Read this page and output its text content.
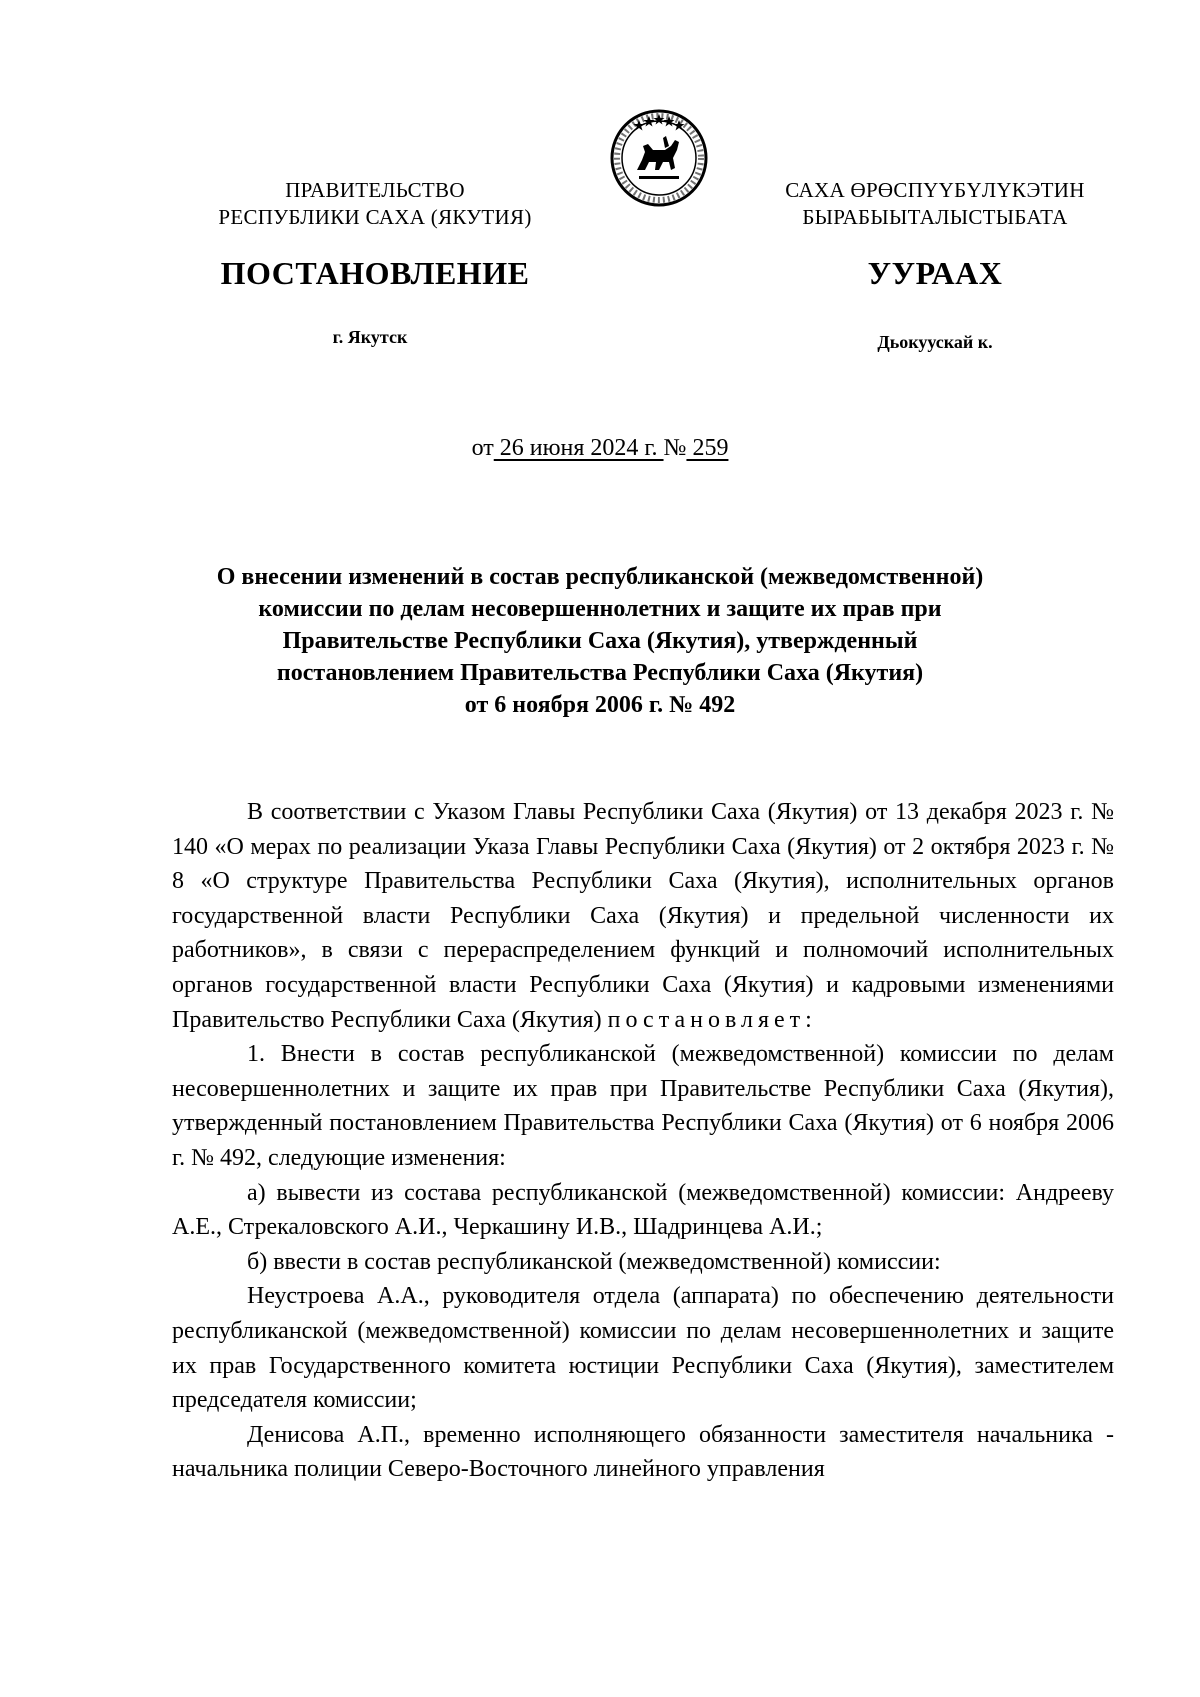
ПРАВИТЕЛЬСТВО
РЕСПУБЛИКИ САХА (ЯКУТИЯ)
САХА ӨРӨСПҮҮБҮЛҮКЭТИН
БЫРАБЫЫТАЛЫСТЫБАТА
ПОСТАНОВЛЕНИЕ	УУРААХ
г. Якутск	Дьокуускай к.
от 26 июня 2024 г. № 259
О внесении изменений в состав республиканской (межведомственной)
комиссии по делам несовершеннолетних и защите их прав при
Правительстве Республики Саха (Якутия), утвержденный
постановлением Правительства Республики Саха (Якутия)
от 6 ноября 2006 г. № 492

В соответствии с Указом Главы Республики Саха (Якутия) от 13 декабря 2023 г. № 140 «О мерах по реализации Указа Главы Республики Саха (Якутия) от 2 октября 2023 г. № 8 «О структуре Правительства Республики Саха (Якутия), исполнительных органов государственной власти Республики Саха (Якутия) и предельной численности их работников», в связи с перераспределением функций и полномочий исполнительных органов государственной власти Республики Саха (Якутия) и кадровыми изменениями Правительство Республики Саха (Якутия) постановляет:

1. Внести в состав республиканской (межведомственной) комиссии по делам несовершеннолетних и защите их прав при Правительстве Республики Саха (Якутия), утвержденный постановлением Правительства Республики Саха (Якутия) от 6 ноября 2006 г. № 492, следующие изменения:

а) вывести из состава республиканской (межведомственной) комиссии: Андрееву А.Е., Стрекаловского А.И., Черкашину И.В., Шадринцева А.И.;

б) ввести в состав республиканской (межведомственной) комиссии:

Неустроева А.А., руководителя отдела (аппарата) по обеспечению деятельности республиканской (межведомственной) комиссии по делам несовершеннолетних и защите их прав Государственного комитета юстиции Республики Саха (Якутия), заместителем председателя комиссии;

Денисова А.П., временно исполняющего обязанности заместителя начальника - начальника полиции Северо-Восточного линейного управления
